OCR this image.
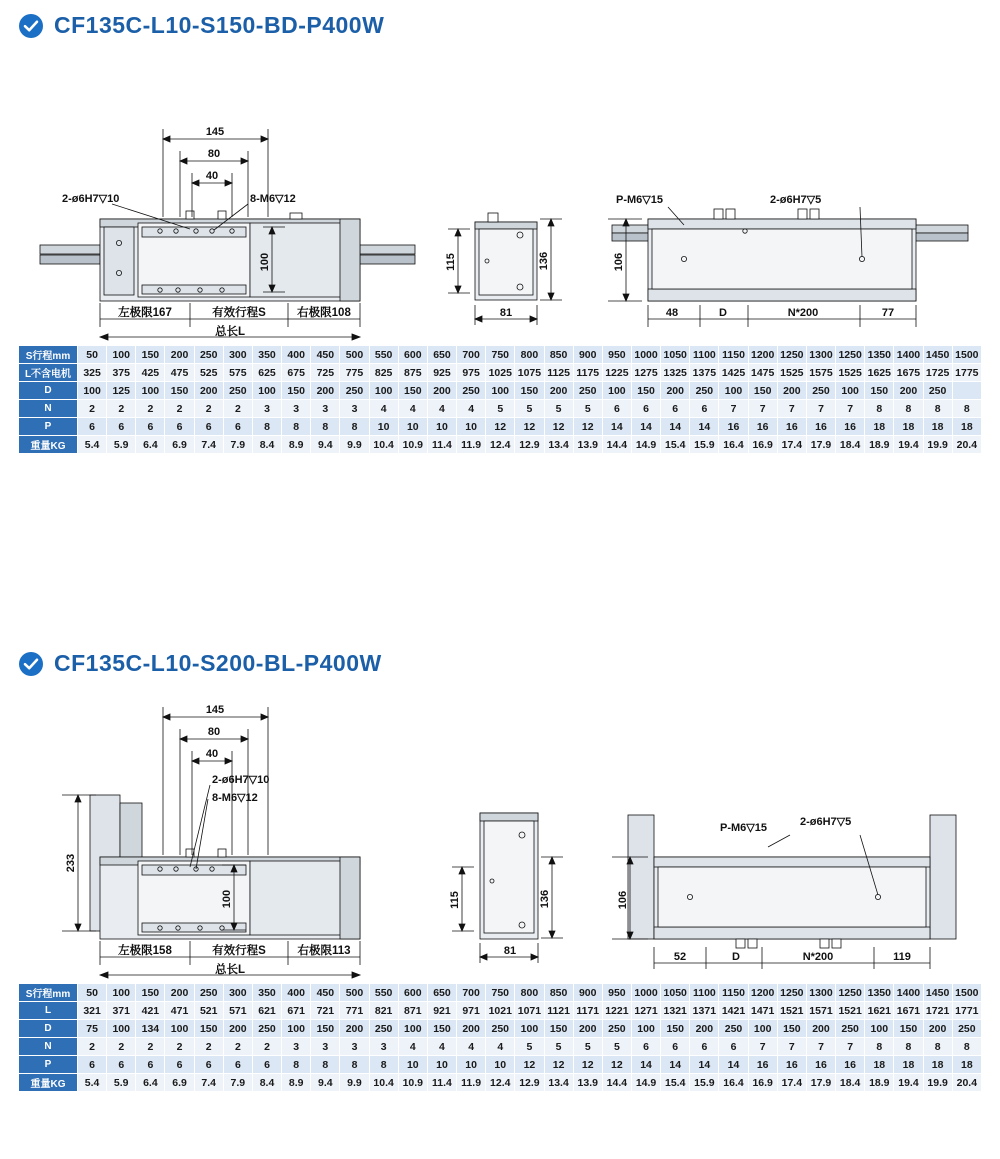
CF135C-L10-S150-BD-P400W
145
80
40
100
2-ø6H7▽10	8-M6▽12
左极限167	有效行程S	右极限108
总长L
115	136
81
P-M6▽15	2-ø6H7▽5
106
48	D	N*200	77
S行程mm	50	100	150	200	250	300	350	400	450	500	550	600	650	700	750	800	850	900	950	1000	1050	1100	1150	1200	1250	1300	1250	1350	1400	1450	1500
L不含电机	325	375	425	475	525	575	625	675	725	775	825	875	925	975	1025	1075	1125	1175	1225	1275	1325	1375	1425	1475	1525	1575	1525	1625	1675	1725	1775
D	100	125	100	150	200	250	100	150	200	250	100	150	200	250	100	150	200	250	100	150	200	250	100	150	200	250	100	150	200	250	
N	2	2	2	2	2	2	3	3	3	3	4	4	4	4	5	5	5	5	6	6	6	6	7	7	7	7	7	8	8	8	8
P	6	6	6	6	6	6	8	8	8	8	10	10	10	10	12	12	12	12	14	14	14	14	16	16	16	16	16	18	18	18	18
重量KG	5.4	5.9	6.4	6.9	7.4	7.9	8.4	8.9	9.4	9.9	10.4	10.9	11.4	11.9	12.4	12.9	13.4	13.9	14.4	14.9	15.4	15.9	16.4	16.9	17.4	17.9	18.4	18.9	19.4	19.9	20.4
CF135C-L10-S200-BL-P400W
145
80
40
100
233
2-ø6H7▽10
8-M6▽12
左极限158	有效行程S	右极限113
总长L
115	136
81
P-M6▽15	2-ø6H7▽5
106
52	D	N*200	119
S行程mm	50	100	150	200	250	300	350	400	450	500	550	600	650	700	750	800	850	900	950	1000	1050	1100	1150	1200	1250	1300	1250	1350	1400	1450	1500
L	321	371	421	471	521	571	621	671	721	771	821	871	921	971	1021	1071	1121	1171	1221	1271	1321	1371	1421	1471	1521	1571	1521	1621	1671	1721	1771
D	75	100	134	100	150	200	250	100	150	200	250	100	150	200	250	100	150	200	250	100	150	200	250	100	150	200	250	100	150	200	250
N	2	2	2	2	2	2	2	3	3	3	3	4	4	4	4	5	5	5	5	6	6	6	6	7	7	7	7	8	8	8	8
P	6	6	6	6	6	6	6	8	8	8	8	10	10	10	10	12	12	12	12	14	14	14	14	16	16	16	16	18	18	18	18
重量KG	5.4	5.9	6.4	6.9	7.4	7.9	8.4	8.9	9.4	9.9	10.4	10.9	11.4	11.9	12.4	12.9	13.4	13.9	14.4	14.9	15.4	15.9	16.4	16.9	17.4	17.9	18.4	18.9	19.4	19.9	20.4
